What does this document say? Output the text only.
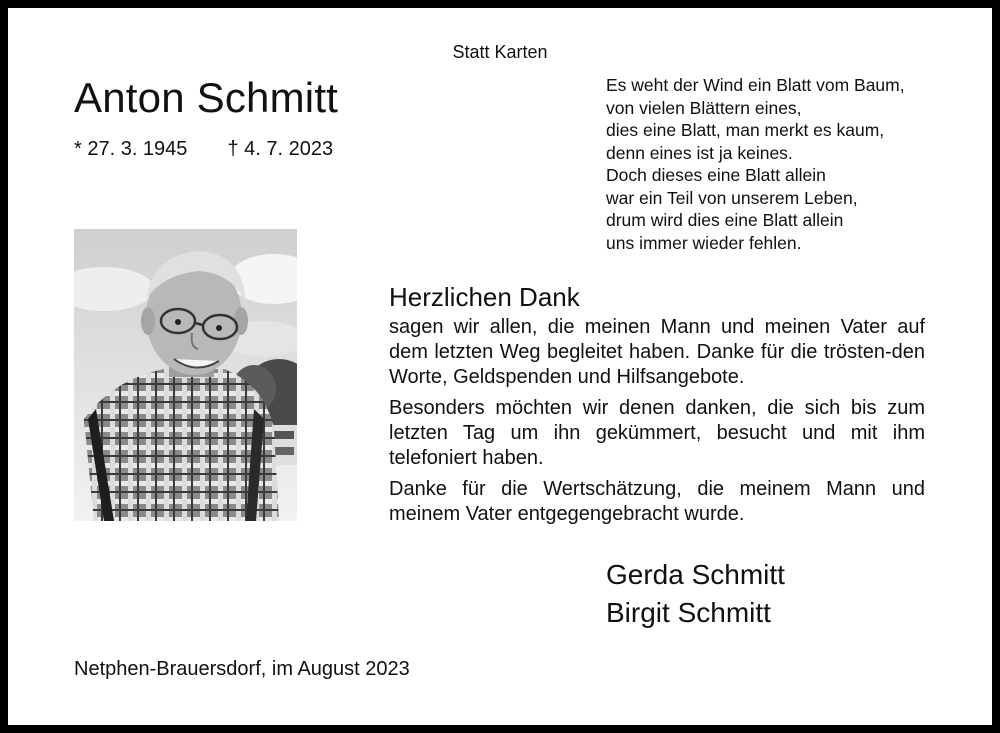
Statt Karten
Anton Schmitt
* 27. 3. 1945 † 4. 7. 2023
Es weht der Wind ein Blatt vom Baum,
von vielen Blättern eines,
dies eine Blatt, man merkt es kaum,
denn eines ist ja keines.
Doch dieses eine Blatt allein
war ein Teil von unserem Leben,
drum wird dies eine Blatt allein
uns immer wieder fehlen.
Herzlichen Dank

sagen wir allen, die meinen Mann und meinen Vater auf dem letzten Weg begleitet haben. Danke für die trösten-den Worte, Geldspenden und Hilfsangebote.

Besonders möchten wir denen danken, die sich bis zum letzten Tag um ihn gekümmert, besucht und mit ihm telefoniert haben.

Danke für die Wertschätzung, die meinem Mann und meinem Vater entgegengebracht wurde.

Gerda Schmitt
Birgit Schmitt
Netphen-Brauersdorf, im August 2023
